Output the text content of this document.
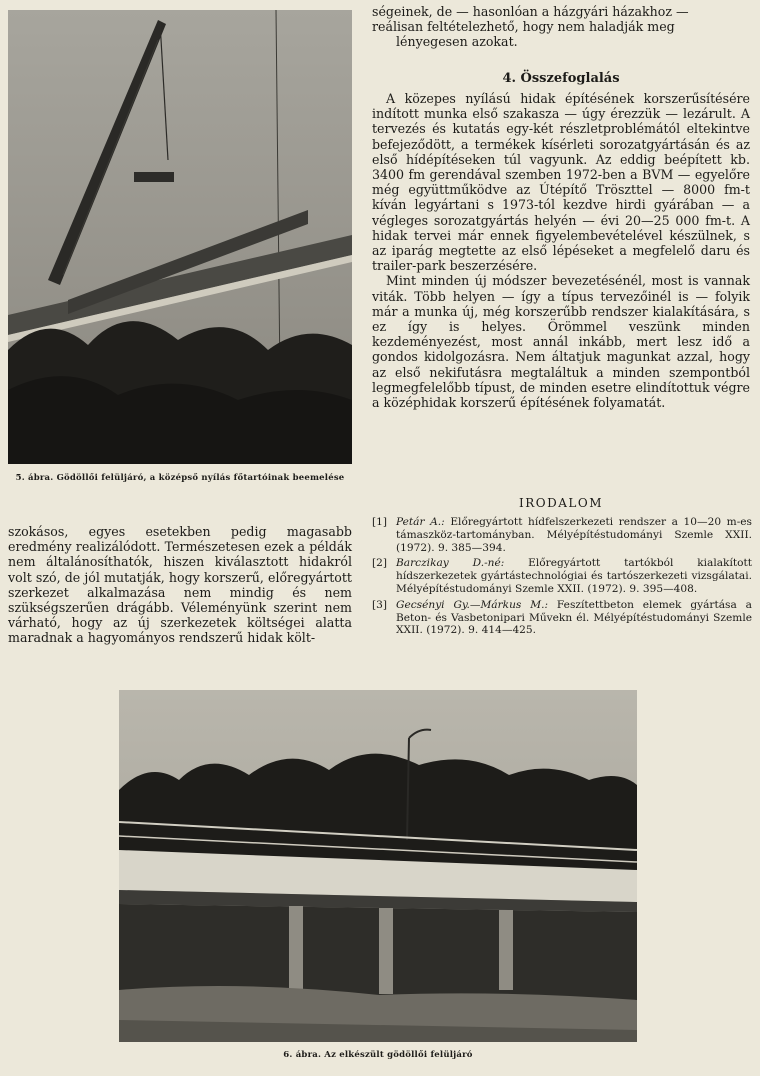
5. ábra. Gödöllői felüljáró, a középső nyílás főtartóinak beemelése

ségeinek, de — hasonlóan a házgyári házakhoz —

reálisan feltételezhető, hogy nem haladják meg

lényegesen azokat.

4. Összefoglalás

A közepes nyílású hidak építésének korszerűsítésére indított munka első szakasza — úgy érezzük — lezárult. A tervezés és kutatás egy-két részletproblémától eltekintve befejeződött, a termékek kísérleti sorozatgyártásán és az első hídépítéseken túl vagyunk. Az eddig beépített kb. 3400 fm gerendával szemben 1972-ben a BVM — egyelőre még együttműködve az Útépítő Tröszttel — 8000 fm-t kíván legyártani s 1973-tól kezdve hirdi gyárában — a végleges sorozatgyártás helyén — évi 20—25 000 fm-t. A hidak tervei már ennek figyelembevételével készülnek, s az iparág megtette az első lépéseket a megfelelő daru és trailer-park beszerzésére.

Mint minden új módszer bevezetésénél, most is vannak viták. Több helyen — így a típus tervezőinél is — folyik már a munka új, még korszerűbb rendszer kialakítására, s ez így is helyes. Örömmel veszünk minden kezdeményezést, most annál inkább, mert lesz idő a gondos kidolgozásra. Nem áltatjuk magunkat azzal, hogy az első nekifutásra megtaláltuk a minden szempontból legmegfelelőbb típust, de minden esetre elindítottuk végre a középhidak korszerű építésének folyamatát.

IRODALOM
[1] Petár A.: Előregyártott hídfelszerkezeti rendszer a 10—20 m-es támaszköz-tartományban. Mélyépítéstudományi Szemle XXII. (1972). 9. 385—394.
[2] Barczikay D.-né: Előregyártott tartókból kialakított hídszerkezetek gyártástechnológiai és tartószerkezeti vizsgálatai. Mélyépítéstudományi Szemle XXII. (1972). 9. 395—408.
[3] Gecsényi Gy.—Márkus M.: Feszítettbeton elemek gyártása a Beton- és Vasbetonipari Művekn él. Mélyépítéstudományi Szemle XXII. (1972). 9. 414—425.

szokásos, egyes esetekben pedig magasabb eredmény realizálódott. Természetesen ezek a példák nem általánosíthatók, hiszen kiválasztott hidakról volt szó, de jól mutatják, hogy korszerű, előregyártott szerkezet alkalmazása nem mindig és nem szükségszerűen drágább. Véleményünk szerint nem várható, hogy az új szerkezetek költségei alatta maradnak a hagyományos rendszerű hidak költ-

6. ábra. Az elkészült gödöllői felüljáró
